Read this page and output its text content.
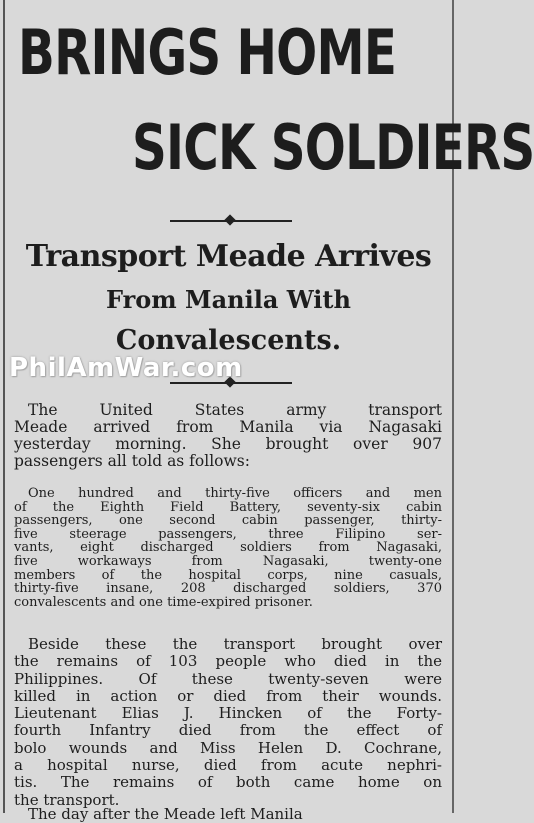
BRINGS HOME
SICK SOLDIERS
Transport Meade Arrives
From Manila With
Convalescents.
PhilAmWar.com

The United States army transport

Meade arrived from Manila via Nagasaki

yesterday morning. She brought over 907

passengers all told as follows:

One hundred and thirty-five officers and men

of the Eighth Field Battery, seventy-six cabin

passengers, one second cabin passenger, thirty-

five steerage passengers, three Filipino ser-

vants, eight discharged soldiers from Nagasaki,

five workaways from Nagasaki, twenty-one

members of the hospital corps, nine casuals,

thirty-five insane, 208 discharged soldiers, 370

convalescents and one time-expired prisoner.

Beside these the transport brought over

the remains of 103 people who died in the

Philippines. Of these twenty-seven were

killed in action or died from their wounds.

Lieutenant Elias J. Hincken of the Forty-

fourth Infantry died from the effect of

bolo wounds and Miss Helen D. Cochrane,

a hospital nurse, died from acute nephri-

tis. The remains of both came home on

the transport.

The day after the Meade left Manila
